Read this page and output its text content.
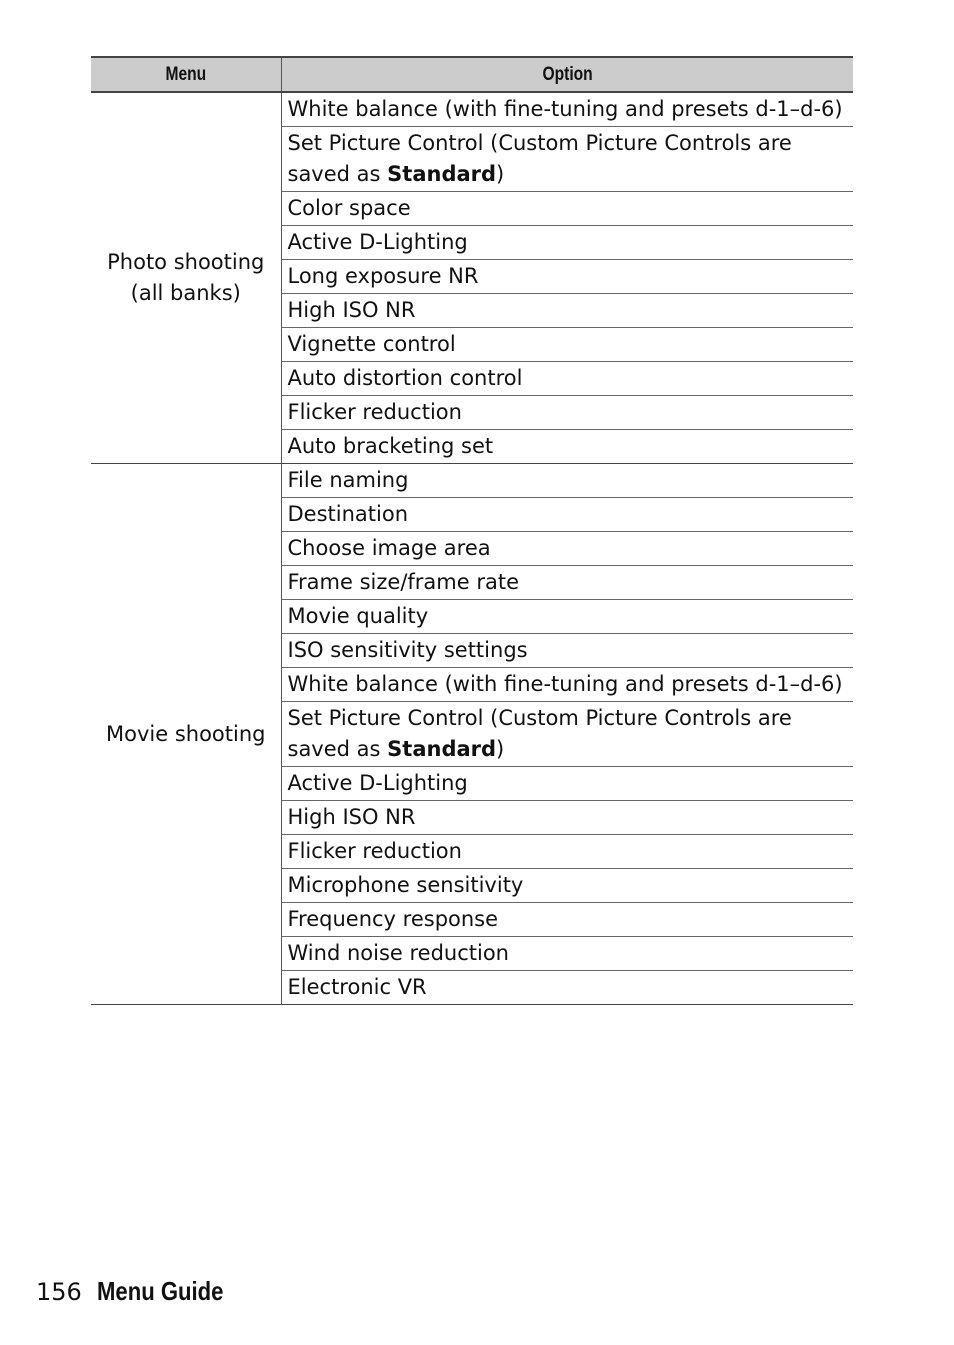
Menu	Option
Photo shooting (all banks)	White balance (with fine-tuning and presets d-1–d-6)
	Set Picture Control (Custom Picture Controls are saved as Standard)
	Color space
	Active D-Lighting
	Long exposure NR
	High ISO NR
	Vignette control
	Auto distortion control
	Flicker reduction
	Auto bracketing set
Movie shooting	File naming
	Destination
	Choose image area
	Frame size/frame rate
	Movie quality
	ISO sensitivity settings
	White balance (with fine-tuning and presets d-1–d-6)
	Set Picture Control (Custom Picture Controls are saved as Standard)
	Active D-Lighting
	High ISO NR
	Flicker reduction
	Microphone sensitivity
	Frequency response
	Wind noise reduction
	Electronic VR
156 Menu Guide
